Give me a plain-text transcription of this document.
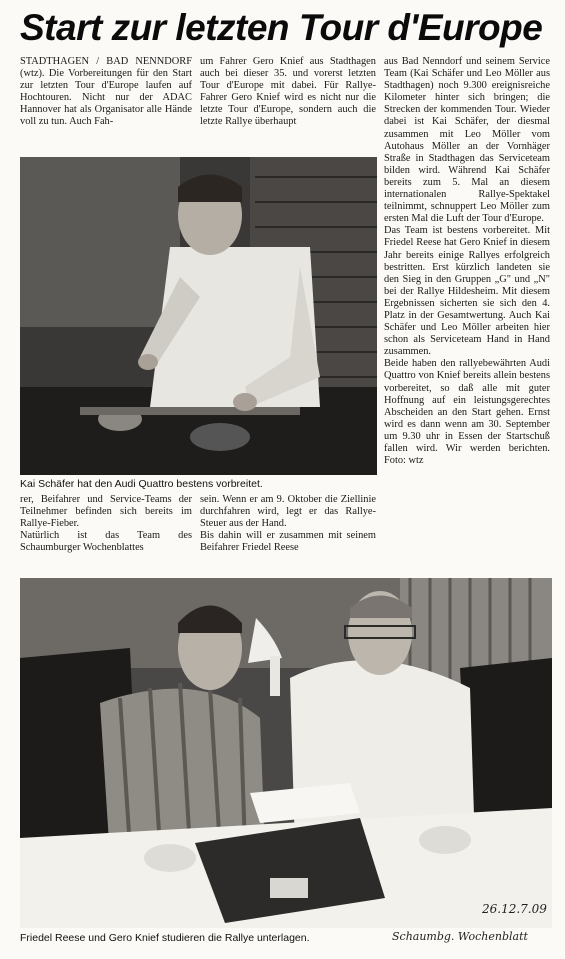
Start zur letzten Tour d'Europe

STADTHAGEN / BAD NENNDORF (wtz). Die Vorbereitungen für den Start zur letzten Tour d'Europe laufen auf Hochtouren. Nicht nur der ADAC Hannover hat als Organisator alle Hände voll zu tun. Auch Fah-

um Fahrer Gero Knief aus Stadthagen auch bei dieser 35. und vorerst letzten Tour d'Europe mit dabei. Für Rallye-Fahrer Gero Knief wird es nicht nur die letzte Tour d'Europe, sondern auch die letzte Rallye überhaupt

aus Bad Nenndorf und seinem Service Team (Kai Schäfer und Leo Möller aus Stadthagen) noch 9.300 ereignisreiche Kilometer hinter sich bringen; die Strecken der kommenden Tour. Wieder dabei ist Kai Schäfer, der diesmal zusammen mit Leo Möller vom Autohaus Möller an der Vornhäger Straße in Stadthagen das Serviceteam bilden wird. Während Kai Schäfer bereits zum 5. Mal an diesem internationalen Rallye-Spektakel teilnimmt, schnuppert Leo Möller zum ersten Mal die Luft der Tour d'Europe.

Das Team ist bestens vorbereitet. Mit Friedel Reesе hat Gero Knief in diesem Jahr bereits einige Rallyes erfolgreich bestritten. Erst kürzlich landeten sie den Sieg in den Gruppen „G" und „N" bei der Rallye Hildesheim. Mit diesem Ergebnissen sicherten sie sich den 4. Platz in der Gesamtwertung. Auch Kai Schäfer und Leo Möller arbeiten hier schon als Serviceteam Hand in Hand zusammen.

Beide haben den rallyebewährten Audi Quattro von Knief bereits allein bestens vorbereitet, so daß alle mit guter Hoffnung auf ein leistungsgerechtes Abscheiden an den Start gehen. Ernst wird es dann wenn am 30. September um 9.30 uhr in Essen der Startschuß fallen wird. Wir werden berichten. Foto: wtz

Kai Schäfer hat den Audi Quattro bestens vorbreitet.

rer, Beifahrer und Service-Teams der Teilnehmer befinden sich bereits im Rallye-Fieber.

Natürlich ist das Team des Schaumburger Wochenblattes

sein. Wenn er am 9. Oktober die Ziellinie durchfahren wird, legt er das Rallye-Steuer aus der Hand.

Bis dahin will er zusammen mit seinem Beifahrer Friedel Reese

Friedel Reese und Gero Knief studieren die Rallye unterlagen.
26.12.7.09
Schaumbg. Wochenblatt
